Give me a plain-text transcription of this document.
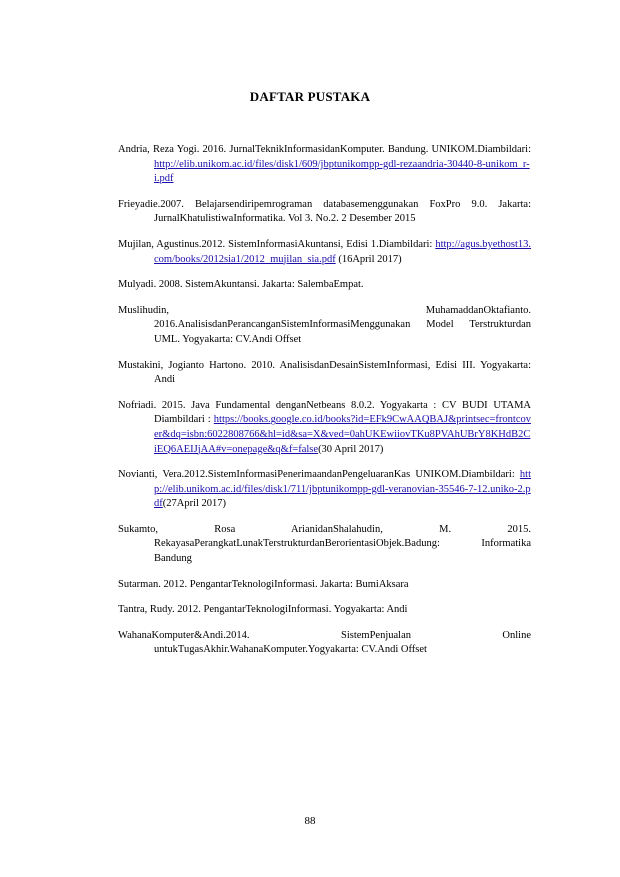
DAFTAR PUSTAKA

Andria, Reza Yogi. 2016. JurnalTeknikInformasidanKomputer. Bandung. UNIKOM.Diambildari: http://elib.unikom.ac.id/files/disk1/609/jbptunikompp-gdl-rezaandria-30440-8-unikom_r-i.pdf

Frieyadie.2007. Belajarsendiripemrograman databasemenggunakan FoxPro 9.0. Jakarta: JurnalKhatulistiwaInformatika. Vol 3. No.2. 2 Desember 2015

Mujilan, Agustinus.2012. SistemInformasiAkuntansi, Edisi 1.Diambildari: http://agus.byethost13.com/books/2012sia1/2012_mujilan_sia.pdf (16April 2017)

Mulyadi. 2008. SistemAkuntansi. Jakarta: SalembaEmpat.

Muslihudin, MuhamaddanOktafianto. 2016.AnalisisdanPerancanganSistemInformasiMenggunakan Model Terstrukturdan UML. Yogyakarta: CV.Andi Offset

Mustakini, Jogianto Hartono. 2010. AnalisisdanDesainSistemInformasi, Edisi III. Yogyakarta: Andi

Nofriadi. 2015. Java Fundamental denganNetbeans 8.0.2. Yogyakarta : CV BUDI UTAMA Diambildari : https://books.google.co.id/books?id=EFk9CwAAQBAJ&printsec=frontcover&dq=isbn:6022808766&hl=id&sa=X&ved=0ahUKEwiiovTKu8PVAhUBrY8KHdB2CiEQ6AEIJjAA#v=onepage&q&f=false(30 April 2017)

Novianti, Vera.2012.SistemInformasiPenerimaandanPengeluaranKas UNIKOM.Diambildari: http://elib.unikom.ac.id/files/disk1/711/jbptunikompp-gdl-veranovian-35546-7-12.uniko-2.pdf(27April 2017)

Sukamto, Rosa ArianidanShalahudin, M. 2015. RekayasaPerangkatLunakTerstrukturdanBerorientasiObjek.Badung: Informatika Bandung

Sutarman. 2012. PengantarTeknologiInformasi. Jakarta: BumiAksara

Tantra, Rudy. 2012. PengantarTeknologiInformasi. Yogyakarta: Andi

WahanaKomputer&Andi.2014. SistemPenjualan Online untukTugasAkhir.WahanaKomputer.Yogyakarta: CV.Andi Offset

88
